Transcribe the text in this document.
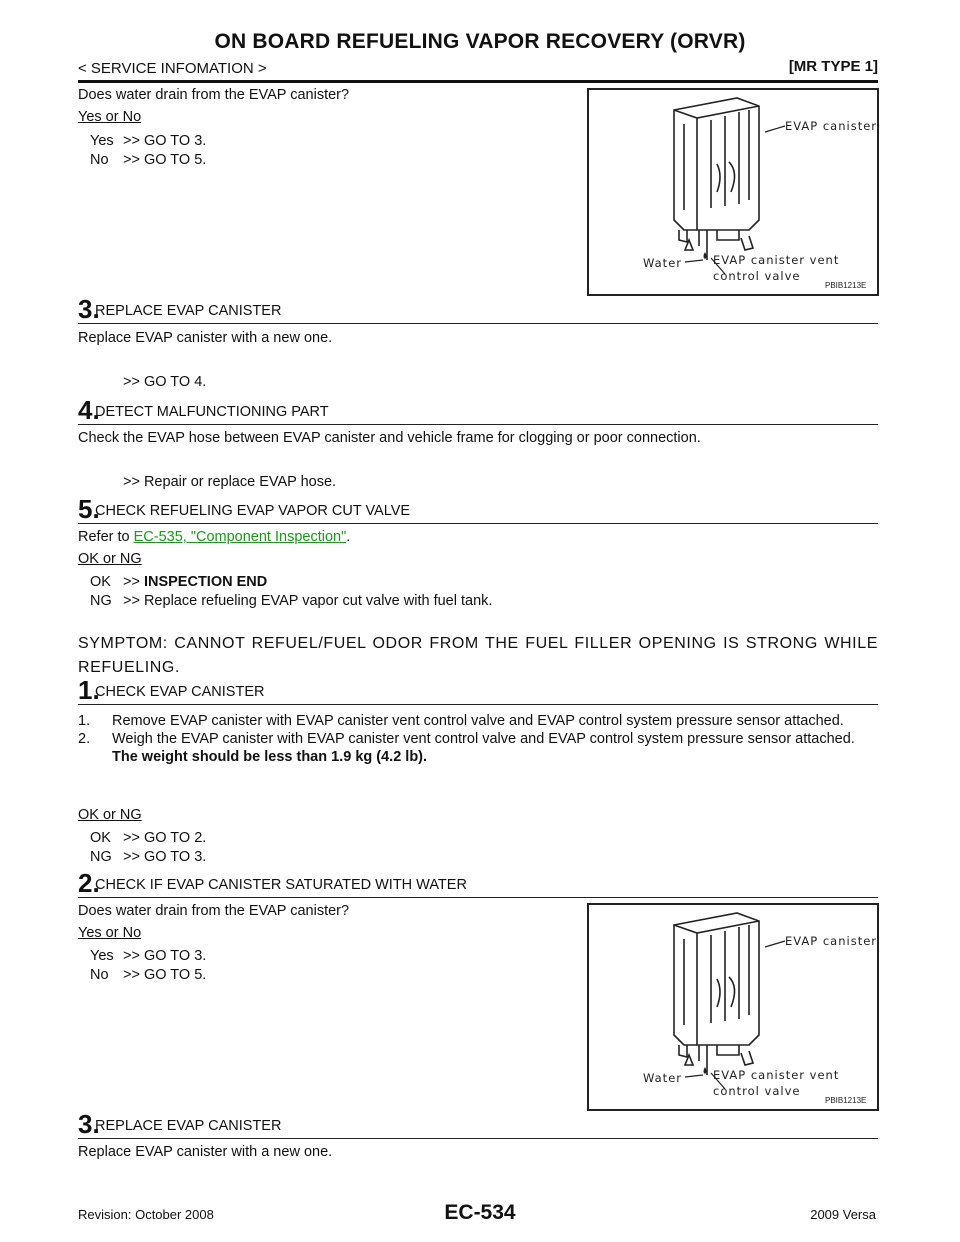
ON BOARD REFUELING VAPOR RECOVERY (ORVR)
< SERVICE INFOMATION >	[MR TYPE 1]
Does water drain from the EVAP canister?
Yes or No
Yes >> GO TO 3.
No >> GO TO 5.
EVAP canister
Water	EVAP canister vent
control valve
PBIB1213E
3.
REPLACE EVAP CANISTER
Replace EVAP canister with a new one.
>> GO TO 4.
4.
DETECT MALFUNCTIONING PART
Check the EVAP hose between EVAP canister and vehicle frame for clogging or poor connection.
>> Repair or replace EVAP hose.
5.
CHECK REFUELING EVAP VAPOR CUT VALVE
Refer to EC-535, "Component Inspection".
OK or NG
OK >> INSPECTION END
NG >> Replace refueling EVAP vapor cut valve with fuel tank.
SYMPTOM: CANNOT REFUEL/FUEL ODOR FROM THE FUEL FILLER OPENING IS STRONG WHILE REFUELING.
1.
CHECK EVAP CANISTER
1. Remove EVAP canister with EVAP canister vent control valve and EVAP control system pressure sensor attached.
2. Weigh the EVAP canister with EVAP canister vent control valve and EVAP control system pressure sensor attached.
The weight should be less than 1.9 kg (4.2 lb).
OK or NG
OK >> GO TO 2.
NG >> GO TO 3.
2.
CHECK IF EVAP CANISTER SATURATED WITH WATER
Does water drain from the EVAP canister?
Yes or No
Yes >> GO TO 3.
No >> GO TO 5.
EVAP canister
Water	EVAP canister vent
control valve
PBIB1213E
3.
REPLACE EVAP CANISTER
Replace EVAP canister with a new one.
Revision: October 2008	EC-534	2009 Versa
